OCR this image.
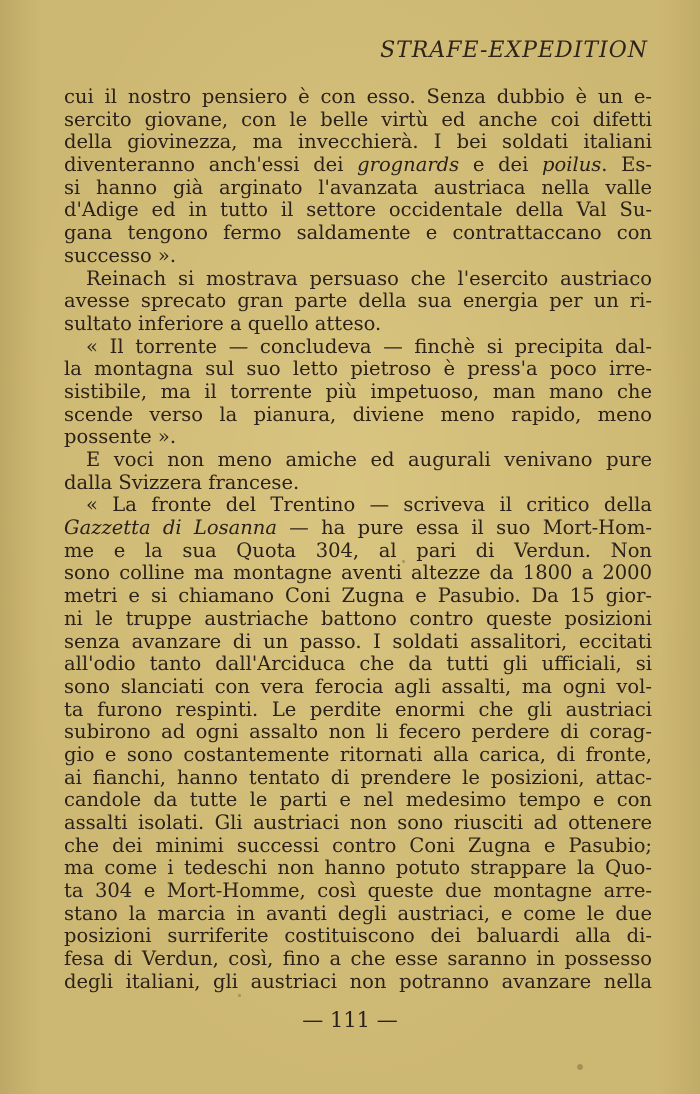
STRAFE-EXPEDITION
cui il nostro pensiero è con esso. Senza dubbio è un e-
sercito giovane, con le belle virtù ed anche coi difetti
della giovinezza, ma invecchierà. I bei soldati italiani
diventeranno anch'essi dei grognards e dei poilus. Es-
si hanno già arginato l'avanzata austriaca nella valle
d'Adige ed in tutto il settore occidentale della Val Su-
gana tengono fermo saldamente e contrattaccano con
successo ».
Reinach si mostrava persuaso che l'esercito austriaco
avesse sprecato gran parte della sua energia per un ri-
sultato inferiore a quello atteso.
« Il torrente — concludeva — finchè si precipita dal-
la montagna sul suo letto pietroso è press'a poco irre-
sistibile, ma il torrente più impetuoso, man mano che
scende verso la pianura, diviene meno rapido, meno
possente ».
E voci non meno amiche ed augurali venivano pure
dalla Svizzera francese.
« La fronte del Trentino — scriveva il critico della
Gazzetta di Losanna — ha pure essa il suo Mort-Hom-
me e la sua Quota 304, al pari di Verdun. Non
sono colline ma montagne aventi altezze da 1800 a 2000
metri e si chiamano Coni Zugna e Pasubio. Da 15 gior-
ni le truppe austriache battono contro queste posizioni
senza avanzare di un passo. I soldati assalitori, eccitati
all'odio tanto dall'Arciduca che da tutti gli ufficiali, si
sono slanciati con vera ferocia agli assalti, ma ogni vol-
ta furono respinti. Le perdite enormi che gli austriaci
subirono ad ogni assalto non li fecero perdere di corag-
gio e sono costantemente ritornati alla carica, di fronte,
ai fianchi, hanno tentato di prendere le posizioni, attac-
candole da tutte le parti e nel medesimo tempo e con
assalti isolati. Gli austriaci non sono riusciti ad ottenere
che dei minimi successi contro Coni Zugna e Pasubio;
ma come i tedeschi non hanno potuto strappare la Quo-
ta 304 e Mort-Homme, così queste due montagne arre-
stano la marcia in avanti degli austriaci, e come le due
posizioni surriferite costituiscono dei baluardi alla di-
fesa di Verdun, così, fino a che esse saranno in possesso
degli italiani, gli austriaci non potranno avanzare nella
— 111 —
